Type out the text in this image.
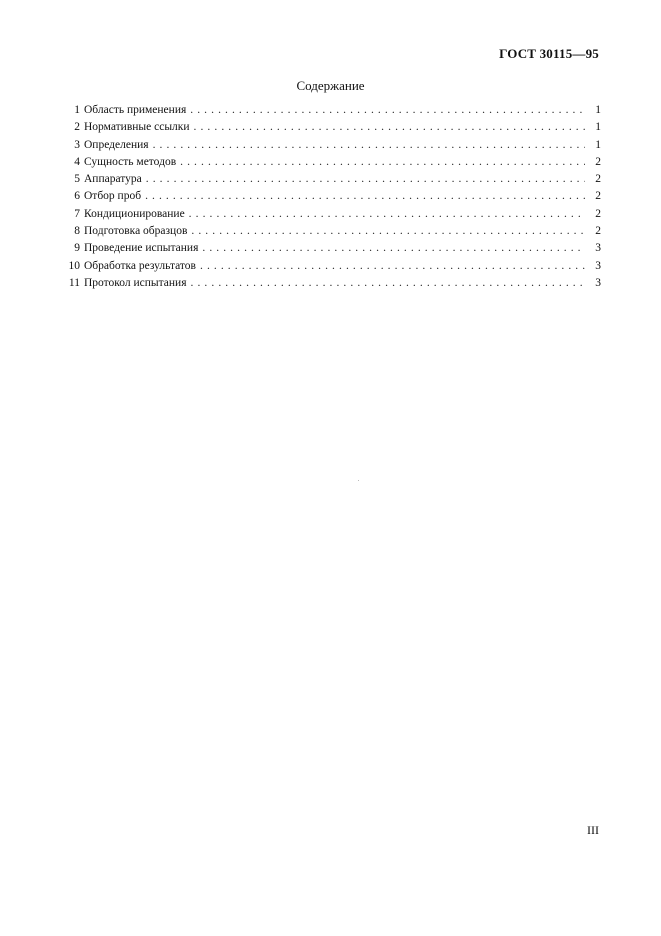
ГОСТ 30115—95
Содержание
1 Область применения . . .	1
2 Нормативные ссылки . . .	1
3 Определения . . .	1
4 Сущность методов . . .	2
5 Аппаратура . . .	2
6 Отбор проб . . .	2
7 Кондиционирование . . .	2
8 Подготовка образцов . . .	2
9 Проведение испытания . . .	3
10 Обработка результатов . . .	3
11 Протокол испытания . . .	3
III
